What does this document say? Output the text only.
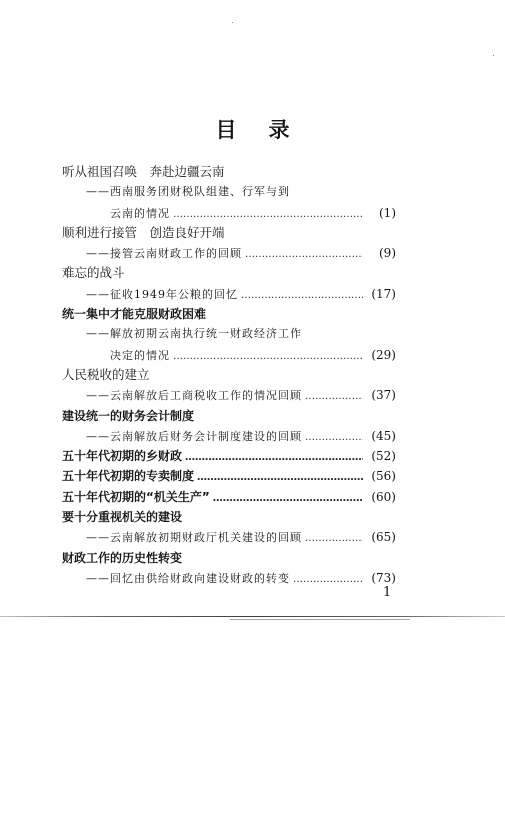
目 录
听从祖国召唤　奔赴边疆云南
——西南服务团财税队组建、行军与到
云南的情况 …………………………………………………………………………………………	(1)
顺利进行接管　创造良好开端
——接管云南财政工作的回顾 …………………………………………………………………………………………	(9)
难忘的战斗
——征收1949年公粮的回忆 …………………………………………………………………………………………	(17)
统一集中才能克服财政困难
——解放初期云南执行统一财政经济工作
决定的情况 …………………………………………………………………………………………	(29)
人民税收的建立
——云南解放后工商税收工作的情况回顾 …………………………………………………………………………………………	(37)
建设统一的财务会计制度
——云南解放后财务会计制度建设的回顾 …………………………………………………………………………………………	(45)
五十年代初期的乡财政 …………………………………………………………………………………………	(52)
五十年代初期的专卖制度 …………………………………………………………………………………………	(56)
五十年代初期的“机关生产” …………………………………………………………………………………………	(60)
要十分重视机关的建设
——云南解放初期财政厅机关建设的回顾 …………………………………………………………………………………………	(65)
财政工作的历史性转变
——回忆由供给财政向建设财政的转变 …………………………………………………………………………………………	(73)
1
